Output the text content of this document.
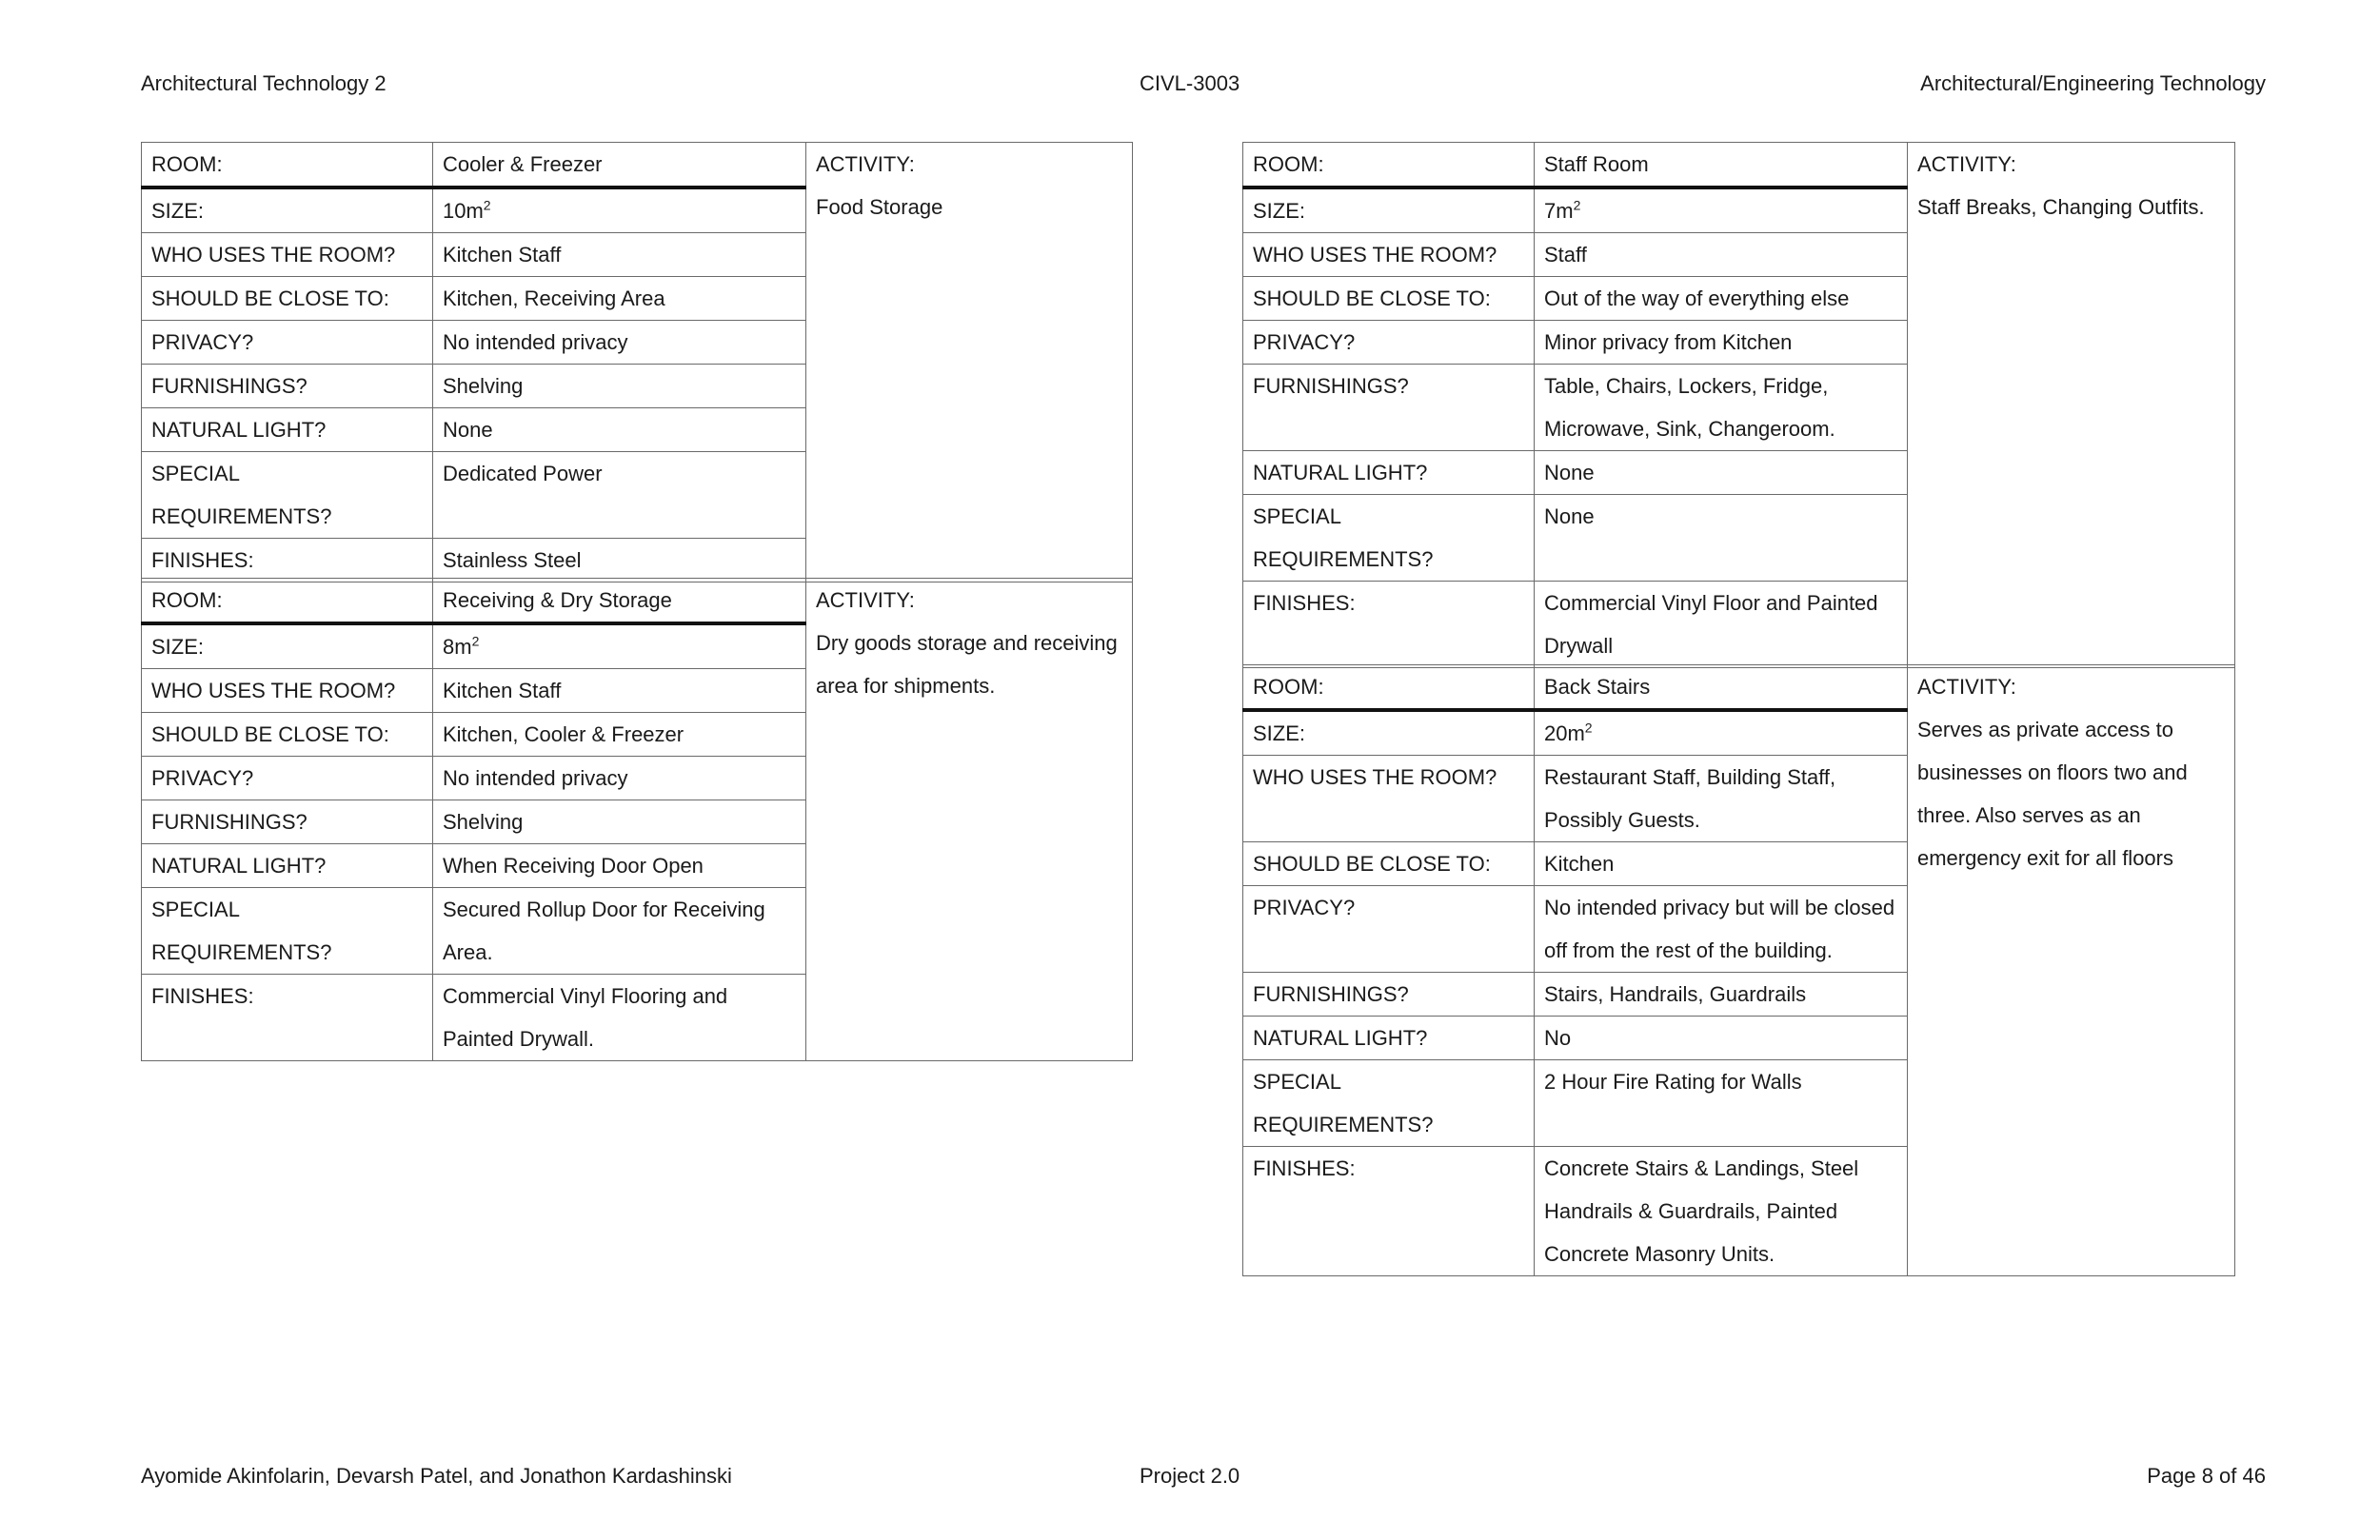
Architectural Technology 2	CIVL-3003	Architectural/Engineering Technology
ROOM:	Cooler & Freezer	ACTIVITY:
Food Storage

SIZE:	$10m^2$
WHO USES THE ROOM?	Kitchen Staff	
SHOULD BE CLOSE TO:	Kitchen, Receiving Area	
PRIVACY?	No intended privacy	
FURNISHINGS?	Shelving	
NATURAL LIGHT?	None	
SPECIAL REQUIREMENTS?	Dedicated Power	
FINISHES:	Stainless Steel	
ROOM:	Receiving & Dry Storage	ACTIVITY:
Dry goods storage and receiving area for shipments.

SIZE:	$8m^2$
WHO USES THE ROOM?	Kitchen Staff	
SHOULD BE CLOSE TO:	Kitchen, Cooler & Freezer	
PRIVACY?	No intended privacy	
FURNISHINGS?	Shelving	
NATURAL LIGHT?	When Receiving Door Open	
SPECIAL REQUIREMENTS?	Secured Rollup Door for Receiving Area.	
FINISHES:	Commercial Vinyl Flooring and Painted Drywall.	
ROOM:	Staff Room	ACTIVITY:
Staff Breaks, Changing Outfits.

SIZE:	$7m^2$
WHO USES THE ROOM?	Staff	
SHOULD BE CLOSE TO:	Out of the way of everything else	
PRIVACY?	Minor privacy from Kitchen	
FURNISHINGS?	Table, Chairs, Lockers, Fridge, Microwave, Sink, Changeroom.	
NATURAL LIGHT?	None	
SPECIAL REQUIREMENTS?	None	
FINISHES:	Commercial Vinyl Floor and Painted Drywall	
ROOM:	Back Stairs	ACTIVITY:
Serves as private access to businesses on floors two and three. Also serves as an emergency exit for all floors

SIZE:	$20m^2$
WHO USES THE ROOM?	Restaurant Staff, Building Staff, Possibly Guests.	
SHOULD BE CLOSE TO:	Kitchen	
PRIVACY?	No intended privacy but will be closed off from the rest of the building.	
FURNISHINGS?	Stairs, Handrails, Guardrails	
NATURAL LIGHT?	No	
SPECIAL REQUIREMENTS?	2 Hour Fire Rating for Walls	
FINISHES:	Concrete Stairs & Landings, Steel Handrails & Guardrails, Painted Concrete Masonry Units.	
Ayomide Akinfolarin, Devarsh Patel, and Jonathon Kardashinski	Project 2.0	Page 8 of 46
